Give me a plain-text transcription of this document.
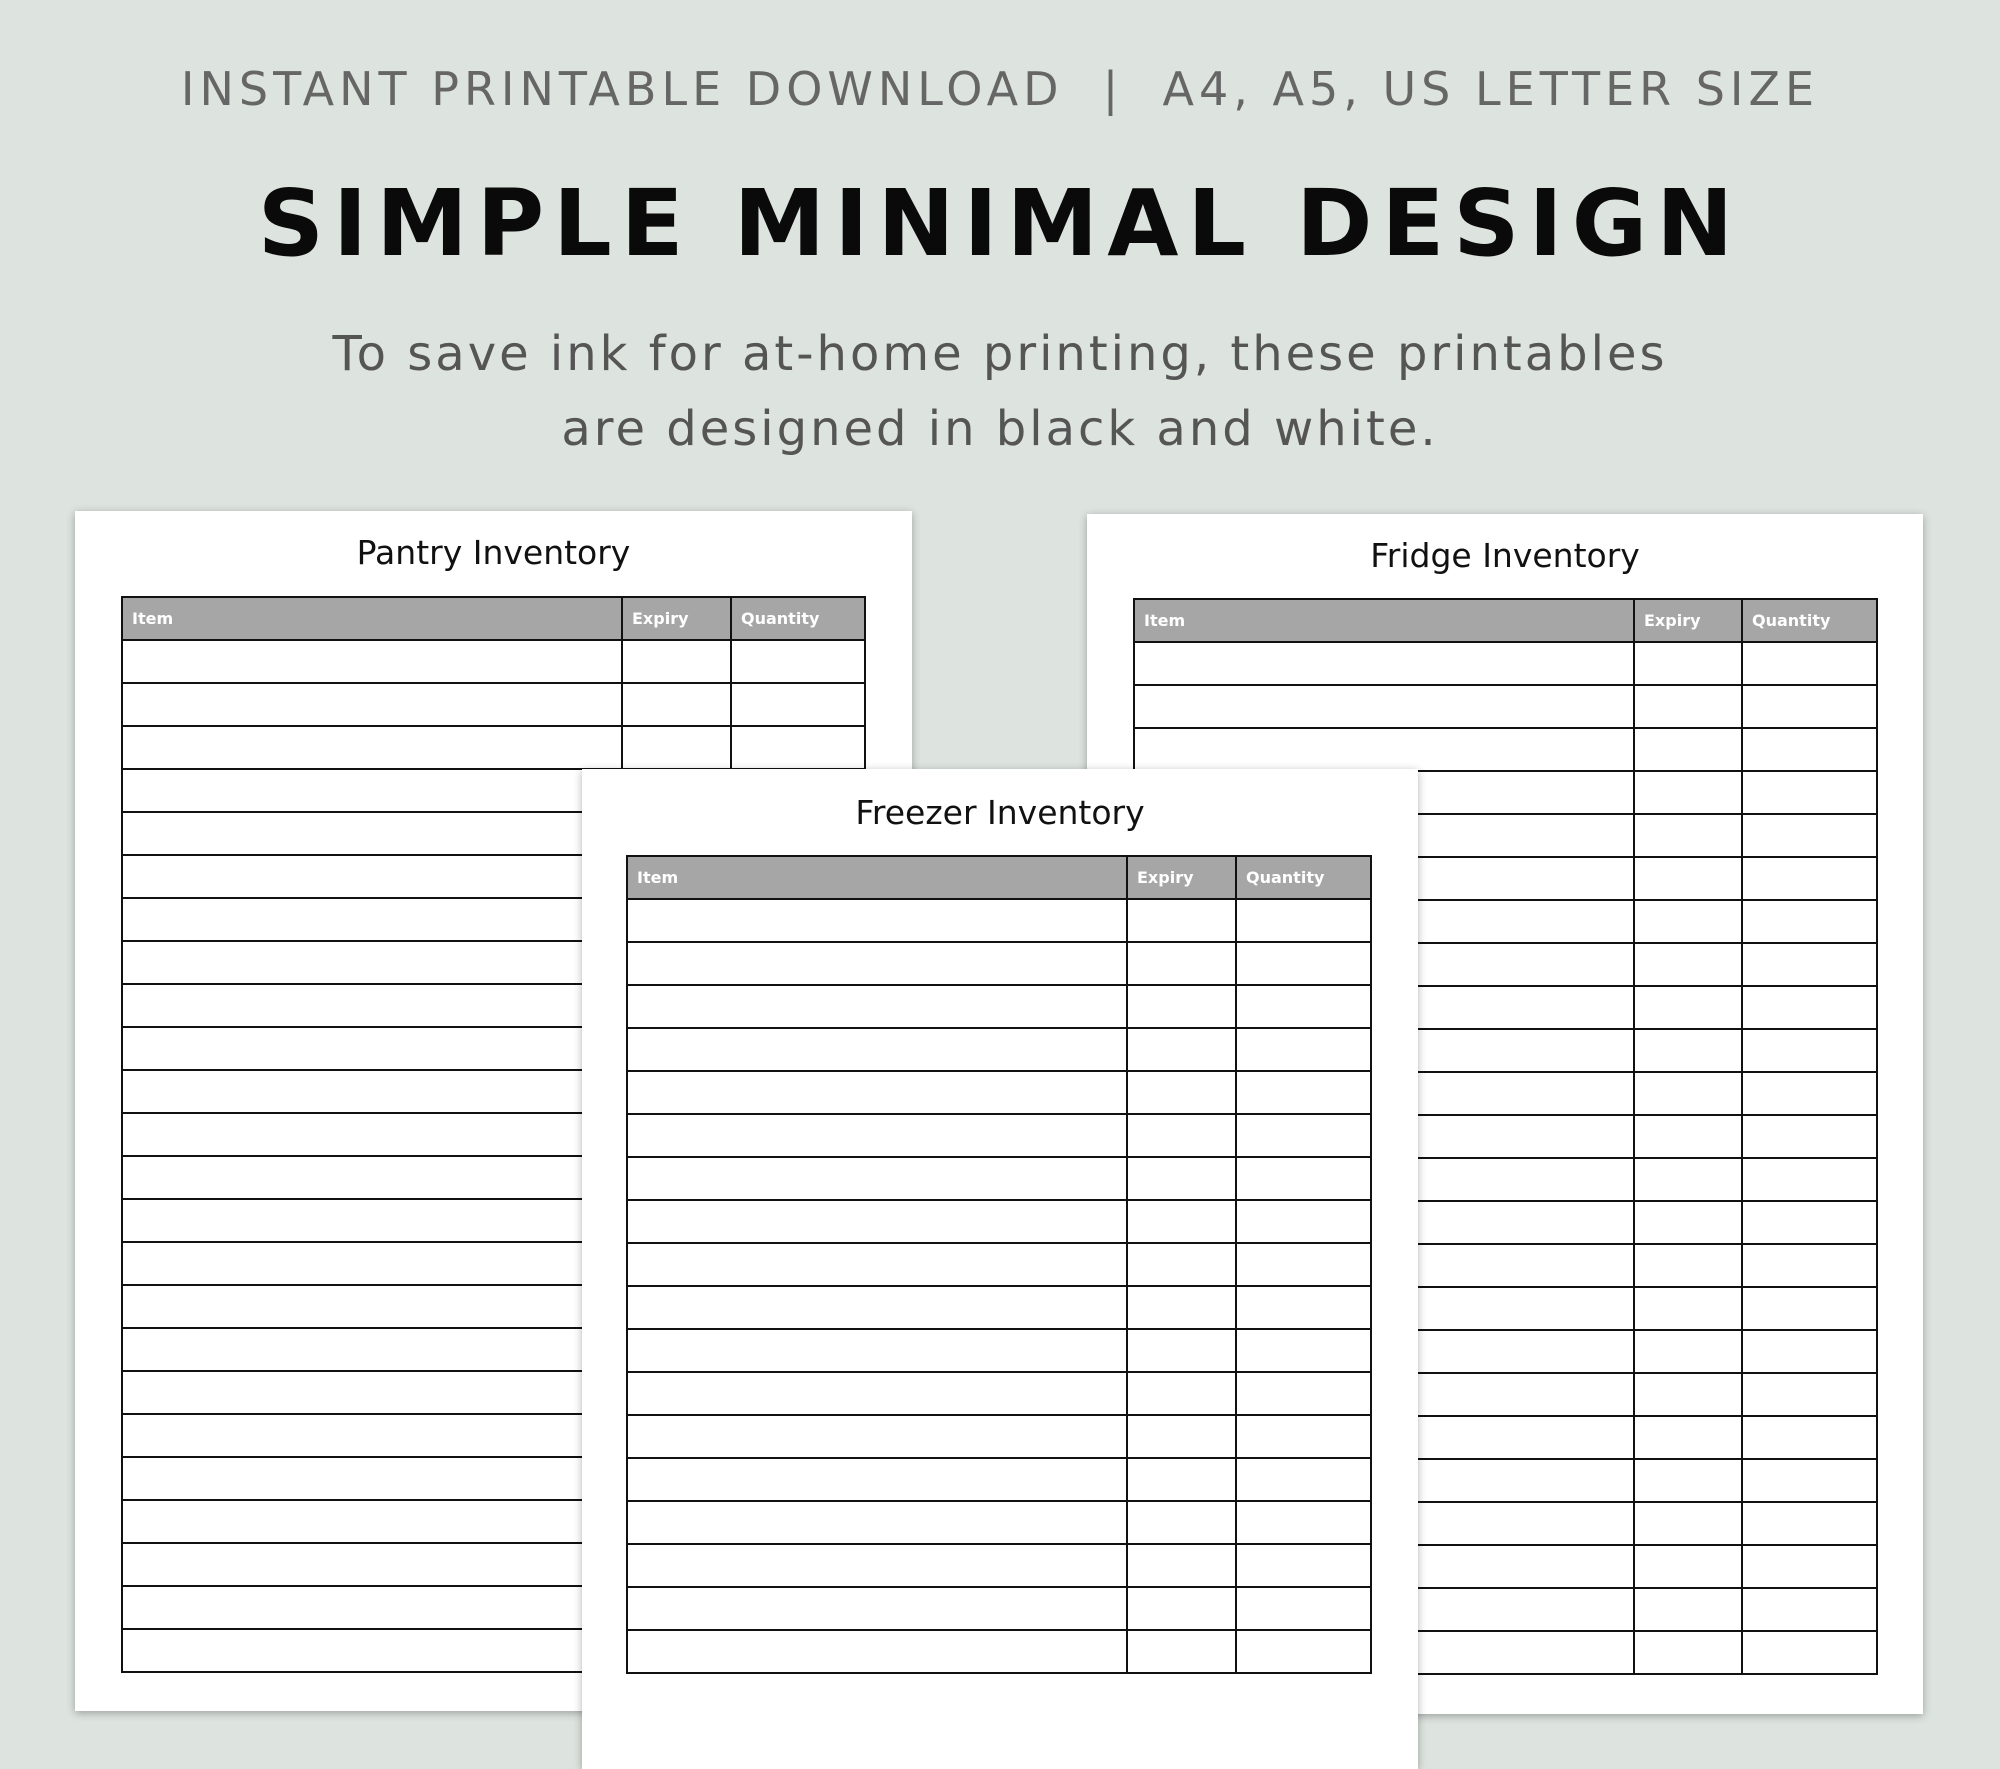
INSTANT PRINTABLE DOWNLOAD  |  A4, A5, US LETTER SIZE
SIMPLE MINIMAL DESIGN
To save ink for at-home printing, these printables
are designed in black and white.
Pantry Inventory
Item	Expiry	Quantity

Fridge Inventory
Item	Expiry	Quantity

Freezer Inventory
Item	Expiry	Quantity
